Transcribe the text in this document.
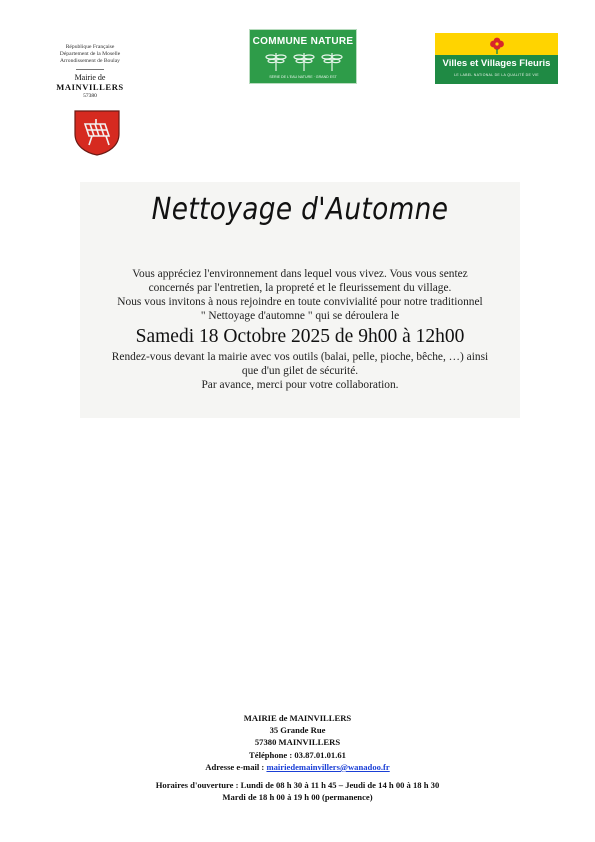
République Française
Département de la Moselle
Arrondissement de Boulay
Mairie de
MAINVILLERS
57380
COMMUNE NATURE
SÉRIE DE L'EAU NATURE · GRAND EST
Villes et Villages Fleuris
LE LABEL NATIONAL DE LA QUALITÉ DE VIE
Nettoyage d'Automne
Vous appréciez l'environnement dans lequel vous vivez. Vous vous sentez
concernés par l'entretien, la propreté et le fleurissement du village.
Nous vous invitons à nous rejoindre en toute convivialité pour notre traditionnel
" Nettoyage d'automne " qui se déroulera le
Samedi 18 Octobre 2025 de 9h00 à 12h00
Rendez-vous devant la mairie avec vos outils (balai, pelle, pioche, bêche, …) ainsi
que d'un gilet de sécurité.
Par avance, merci pour votre collaboration.
MAIRIE de MAINVILLERS
35 Grande Rue
57380 MAINVILLERS
Téléphone : 03.87.01.01.61
Adresse e-mail : mairiedemainvillers@wanadoo.fr
Horaires d'ouverture : Lundi de 08 h 30 à 11 h 45 – Jeudi de 14 h 00 à 18 h 30
Mardi de 18 h 00 à 19 h 00 (permanence)
